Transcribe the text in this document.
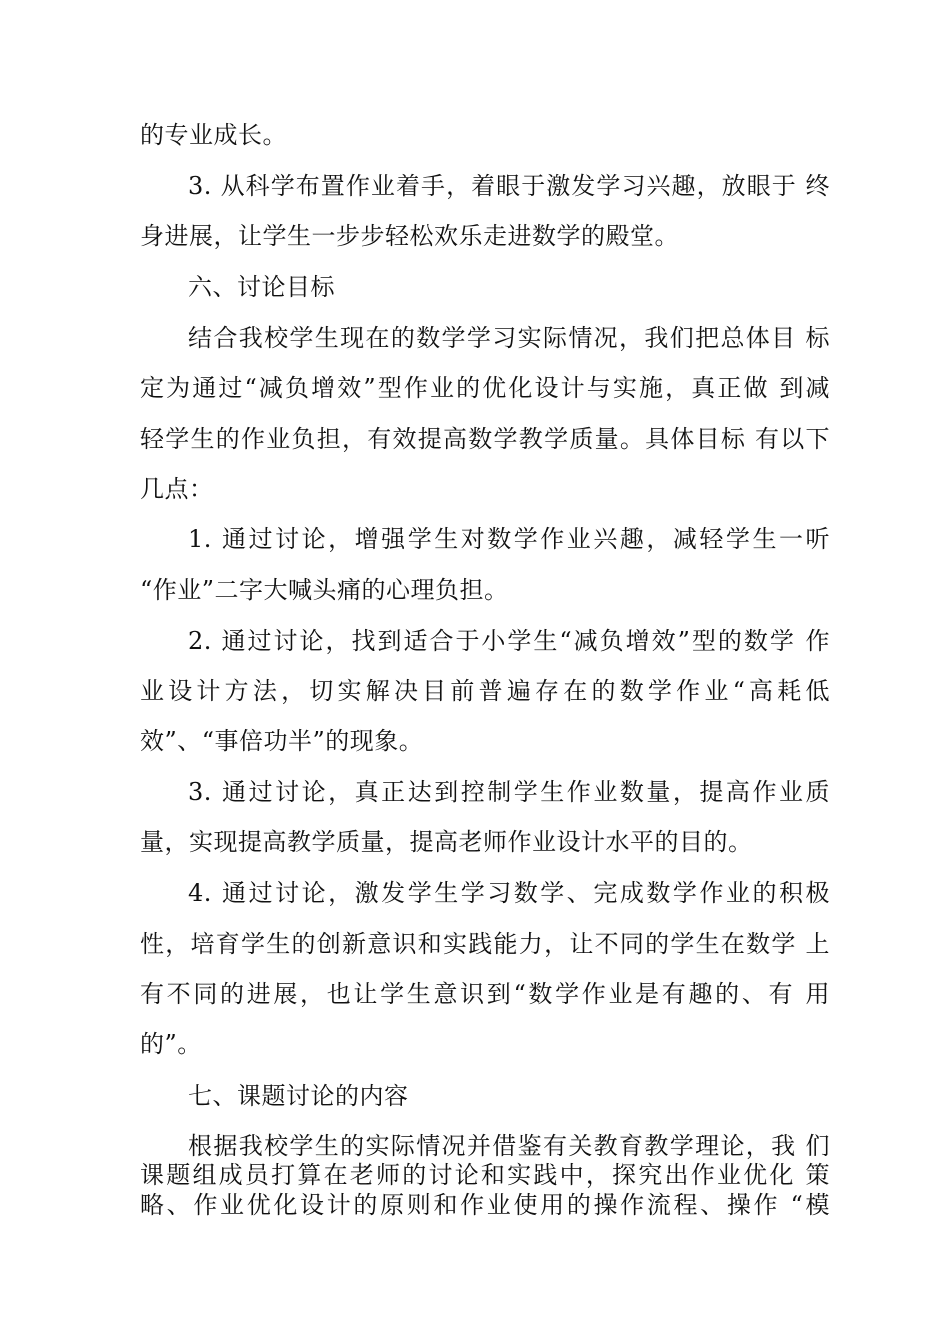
的专业成长。
3. 从科学布置作业着手，着眼于激发学习兴趣，放眼于 终
身进展，让学生一步步轻松欢乐走进数学的殿堂。
六、讨论目标
结合我校学生现在的数学学习实际情况，我们把总体目 标
定为通过“减负增效”型作业的优化设计与实施，真正做 到减
轻学生的作业负担，有效提高数学教学质量。具体目标 有以下
几点：
1. 通过讨论，增强学生对数学作业兴趣，减轻学生一听
“作业”二字大喊头痛的心理负担。
2. 通过讨论，找到适合于小学生“减负增效”型的数学 作
业设计方法，切实解决目前普遍存在的数学作业“高耗低
效”、“事倍功半”的现象。
3. 通过讨论，真正达到控制学生作业数量，提高作业质
量，实现提高教学质量，提高老师作业设计水平的目的。
4. 通过讨论，激发学生学习数学、完成数学作业的积极
性，培育学生的创新意识和实践能力，让不同的学生在数学 上
有不同的进展，也让学生意识到“数学作业是有趣的、有 用
的”。
七、课题讨论的内容
根据我校学生的实际情况并借鉴有关教育教学理论，我 们
课题组成员打算在老师的讨论和实践中，探究出作业优化 策
略、作业优化设计的原则和作业使用的操作流程、操作 “模
